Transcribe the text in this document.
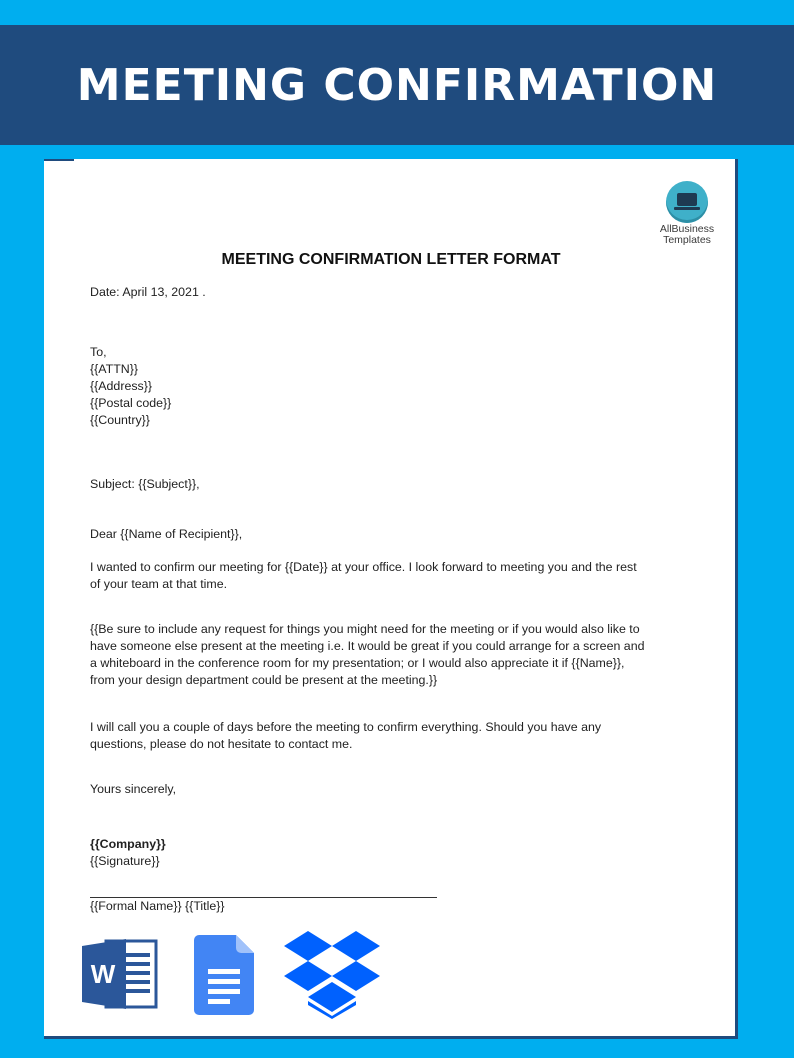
MEETING CONFIRMATION
AllBusiness
Templates
MEETING CONFIRMATION LETTER FORMAT
Date: April 13, 2021 .
To,
{{ATTN}}
{{Address}}
{{Postal code}}
{{Country}}
Subject: {{Subject}},
Dear {{Name of Recipient}},
I wanted to confirm our meeting for {{Date}} at your office. I look forward to meeting you and the rest
of your team at that time.
{{Be sure to include any request for things you might need for the meeting or if you would also like to
have someone else present at the meeting i.e. It would be great if you could arrange for a screen and
a whiteboard in the conference room for my presentation; or I would also appreciate it if {{Name}},
from your design department could be present at the meeting.}}
I will call you a couple of days before the meeting to confirm everything. Should you have any
questions, please do not hesitate to contact me.
Yours sincerely,
{{Company}}
{{Signature}}
{{Formal Name}} {{Title}}
W
